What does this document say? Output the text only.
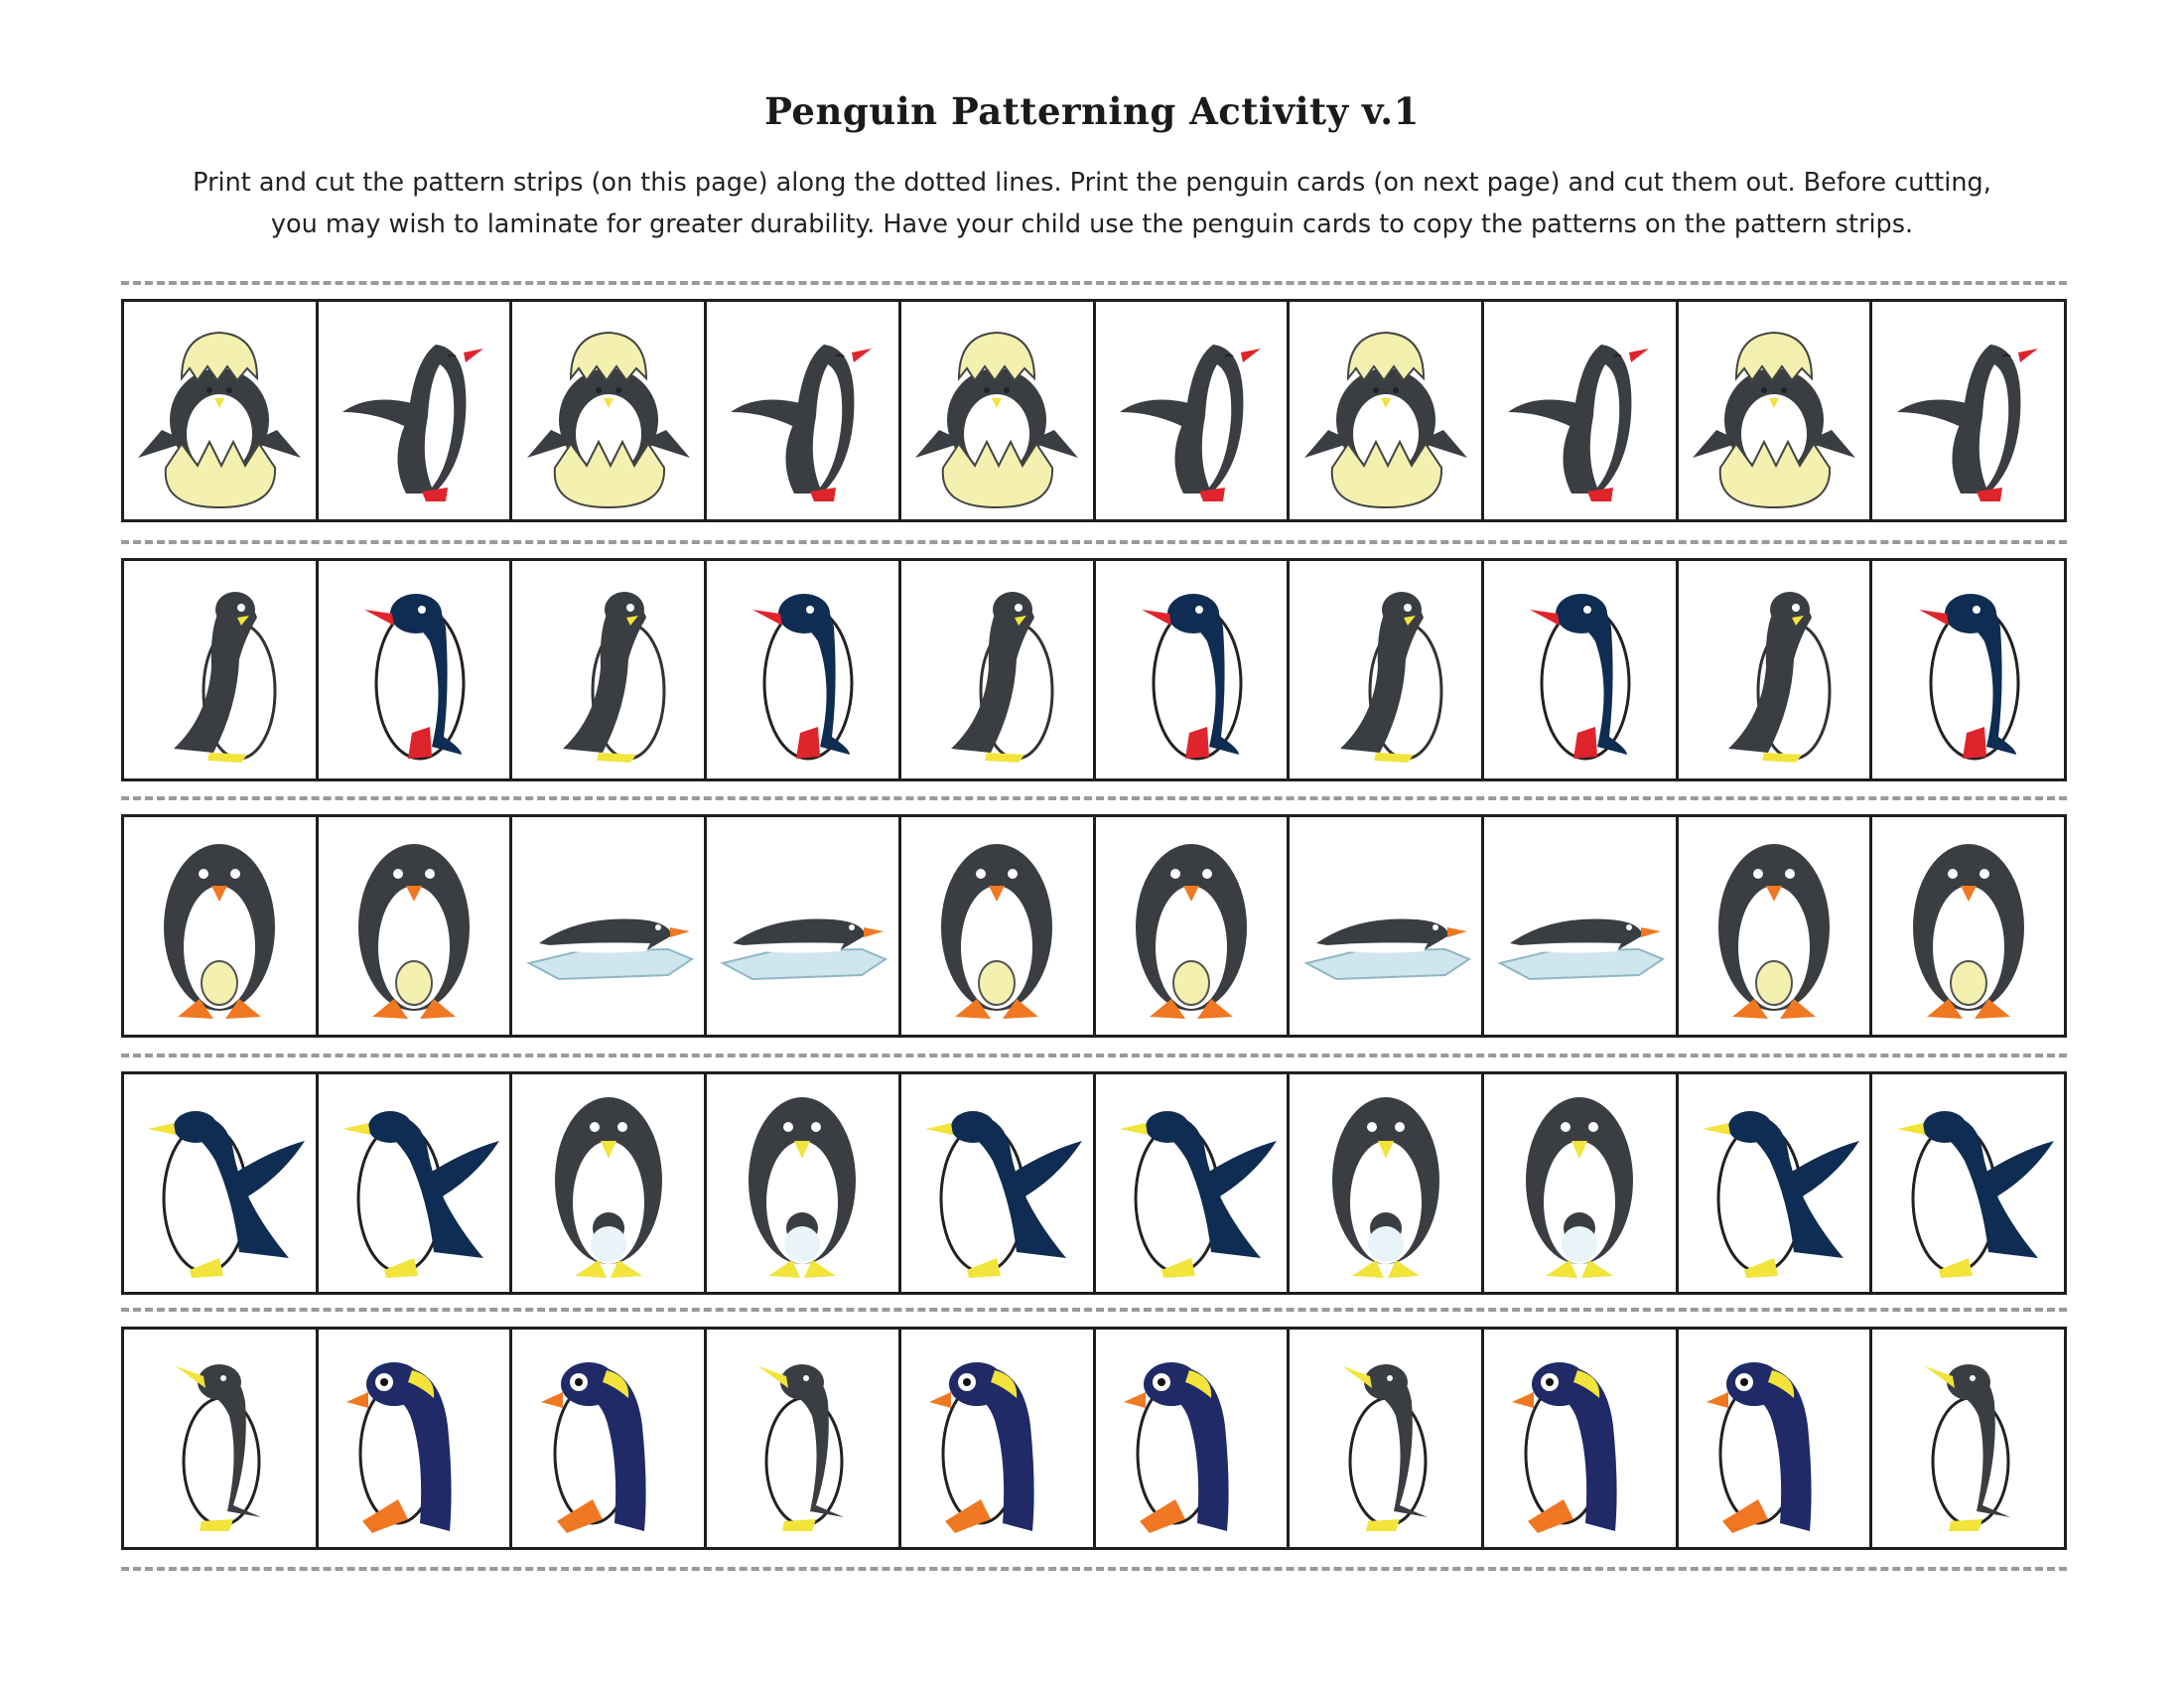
Penguin Patterning Activity v.1
Print and cut the pattern strips (on this page) along the dotted lines. Print the penguin cards (on next page) and cut them out. Before cutting,
you may wish to laminate for greater durability. Have your child use the penguin cards to copy the patterns on the pattern strips.
